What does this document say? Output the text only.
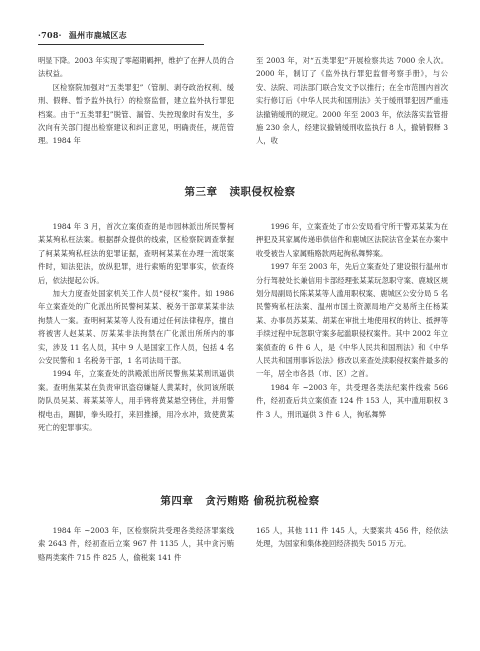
·708· 温州市鹿城区志

明显下降。2003 年实现了零超期羁押，维护了在押人员的合法权益。

区检察院加强对“五类罪犯”（管制、剥夺政治权利、缓刑、假释、暂予监外执行）的检察监督，建立监外执行罪犯档案。由于“五类罪犯”脱管、漏管、失控现象时有发生，多次向有关部门提出检察建议和纠正意见，明确责任，规范管理。1984 年

至 2003 年，对“五类罪犯”开展检察共达 7000 余人次。2000 年，制订了《监外执行罪犯监督考察手册》，与公安、法院、司法部门联合发文予以推行；在全市范围内首次实行修订后《中华人民共和国刑法》关于缓刑罪犯因严重违法撤销缓刑的规定。2000 年至 2003 年，依法落实监管措施 230 余人，经建议撤销缓刑收监执行 8 人，撤销假释 3 人，收

第三章 渎职侵权检察

1984 年 3 月，首次立案侦查的是市园林派出所民警柯某某殉私枉法案。根据群众提供的线索，区检察院调查掌握了柯某某殉私枉法的犯罪证据，查明柯某某在办理一流氓案件时，知法犯法，放纵犯罪，进行索贿的犯罪事实，依查终后，依法提起公诉。

加大力度查处国家机关工作人员“侵权”案件。如 1986 年立案查处的广化派出所民警柯某某、税务干部章某某非法拘禁人一案。查明柯某某等人没有通过任何法律程序，擅自将被害人赵某某、厉某某非法拘禁在广化派出所所内的事实，涉及 11 名人员，其中 9 人是国家工作人员，包括 4 名公安民警和 1 名税务干部，1 名司法局干部。

1994 年，立案查处的洪殿派出所民警焦某某刑讯逼供案。查明焦某某在负责审讯盗窃嫌疑人黄某时，伙同该所联防队员吴某、蒋某某等人，用手铐将黄某悬空铐住，并用警棍电击，踢脚，拳头殴打，来回推搡，用冷水冲，致使黄某死亡的犯罪事实。

1996 年，立案查处了市公安局看守所干警邓某某为在押犯及其家属传递串供信件和鹿城区法院法官金某在办案中收受被告人家属贿赂款两起徇私舞弊案。

1997 年至 2003 年，先后立案查处了建设银行温州市分行驾驶处长兼信用卡部经理张某某玩忽职守案、鹿城区规划分局副局长陈某某等人滥用职权案、鹿城区公安分局 5 名民警殉私枉法案、温州市国土资源局地产交易所主任杨某某、办事员苏某某、胡某在审批土地使用权的转让、抵押等手续过程中玩忽职守案多起滥职侵权案件。其中 2002 年立案侦查的 6 件 6 人，是《中华人民共和国刑法》和《中华人民共和国刑事诉讼法》修改以来查处渎职侵权案件最多的一年，居全市各县（市、区）之首。

1984 年 ~2003 年，共受理各类法纪案件线索 566 件，经初查后共立案侦查 124 件 153 人，其中滥用职权 3 件 3 人，刑讯逼供 3 件 6 人，徇私舞弊

第四章 贪污贿赂 偷税抗税检察

1984 年 ~2003 年，区检察院共受理各类经济罪案线索 2643 件，经初查后立案 967 件 1135 人，其中贪污贿赂两类案件 715 件 825 人，偷税案 141 件

165 人，其他 111 件 145 人，大要案共 456 件，经依法处理，为国家和集体挽回经济损失 5015 万元。
